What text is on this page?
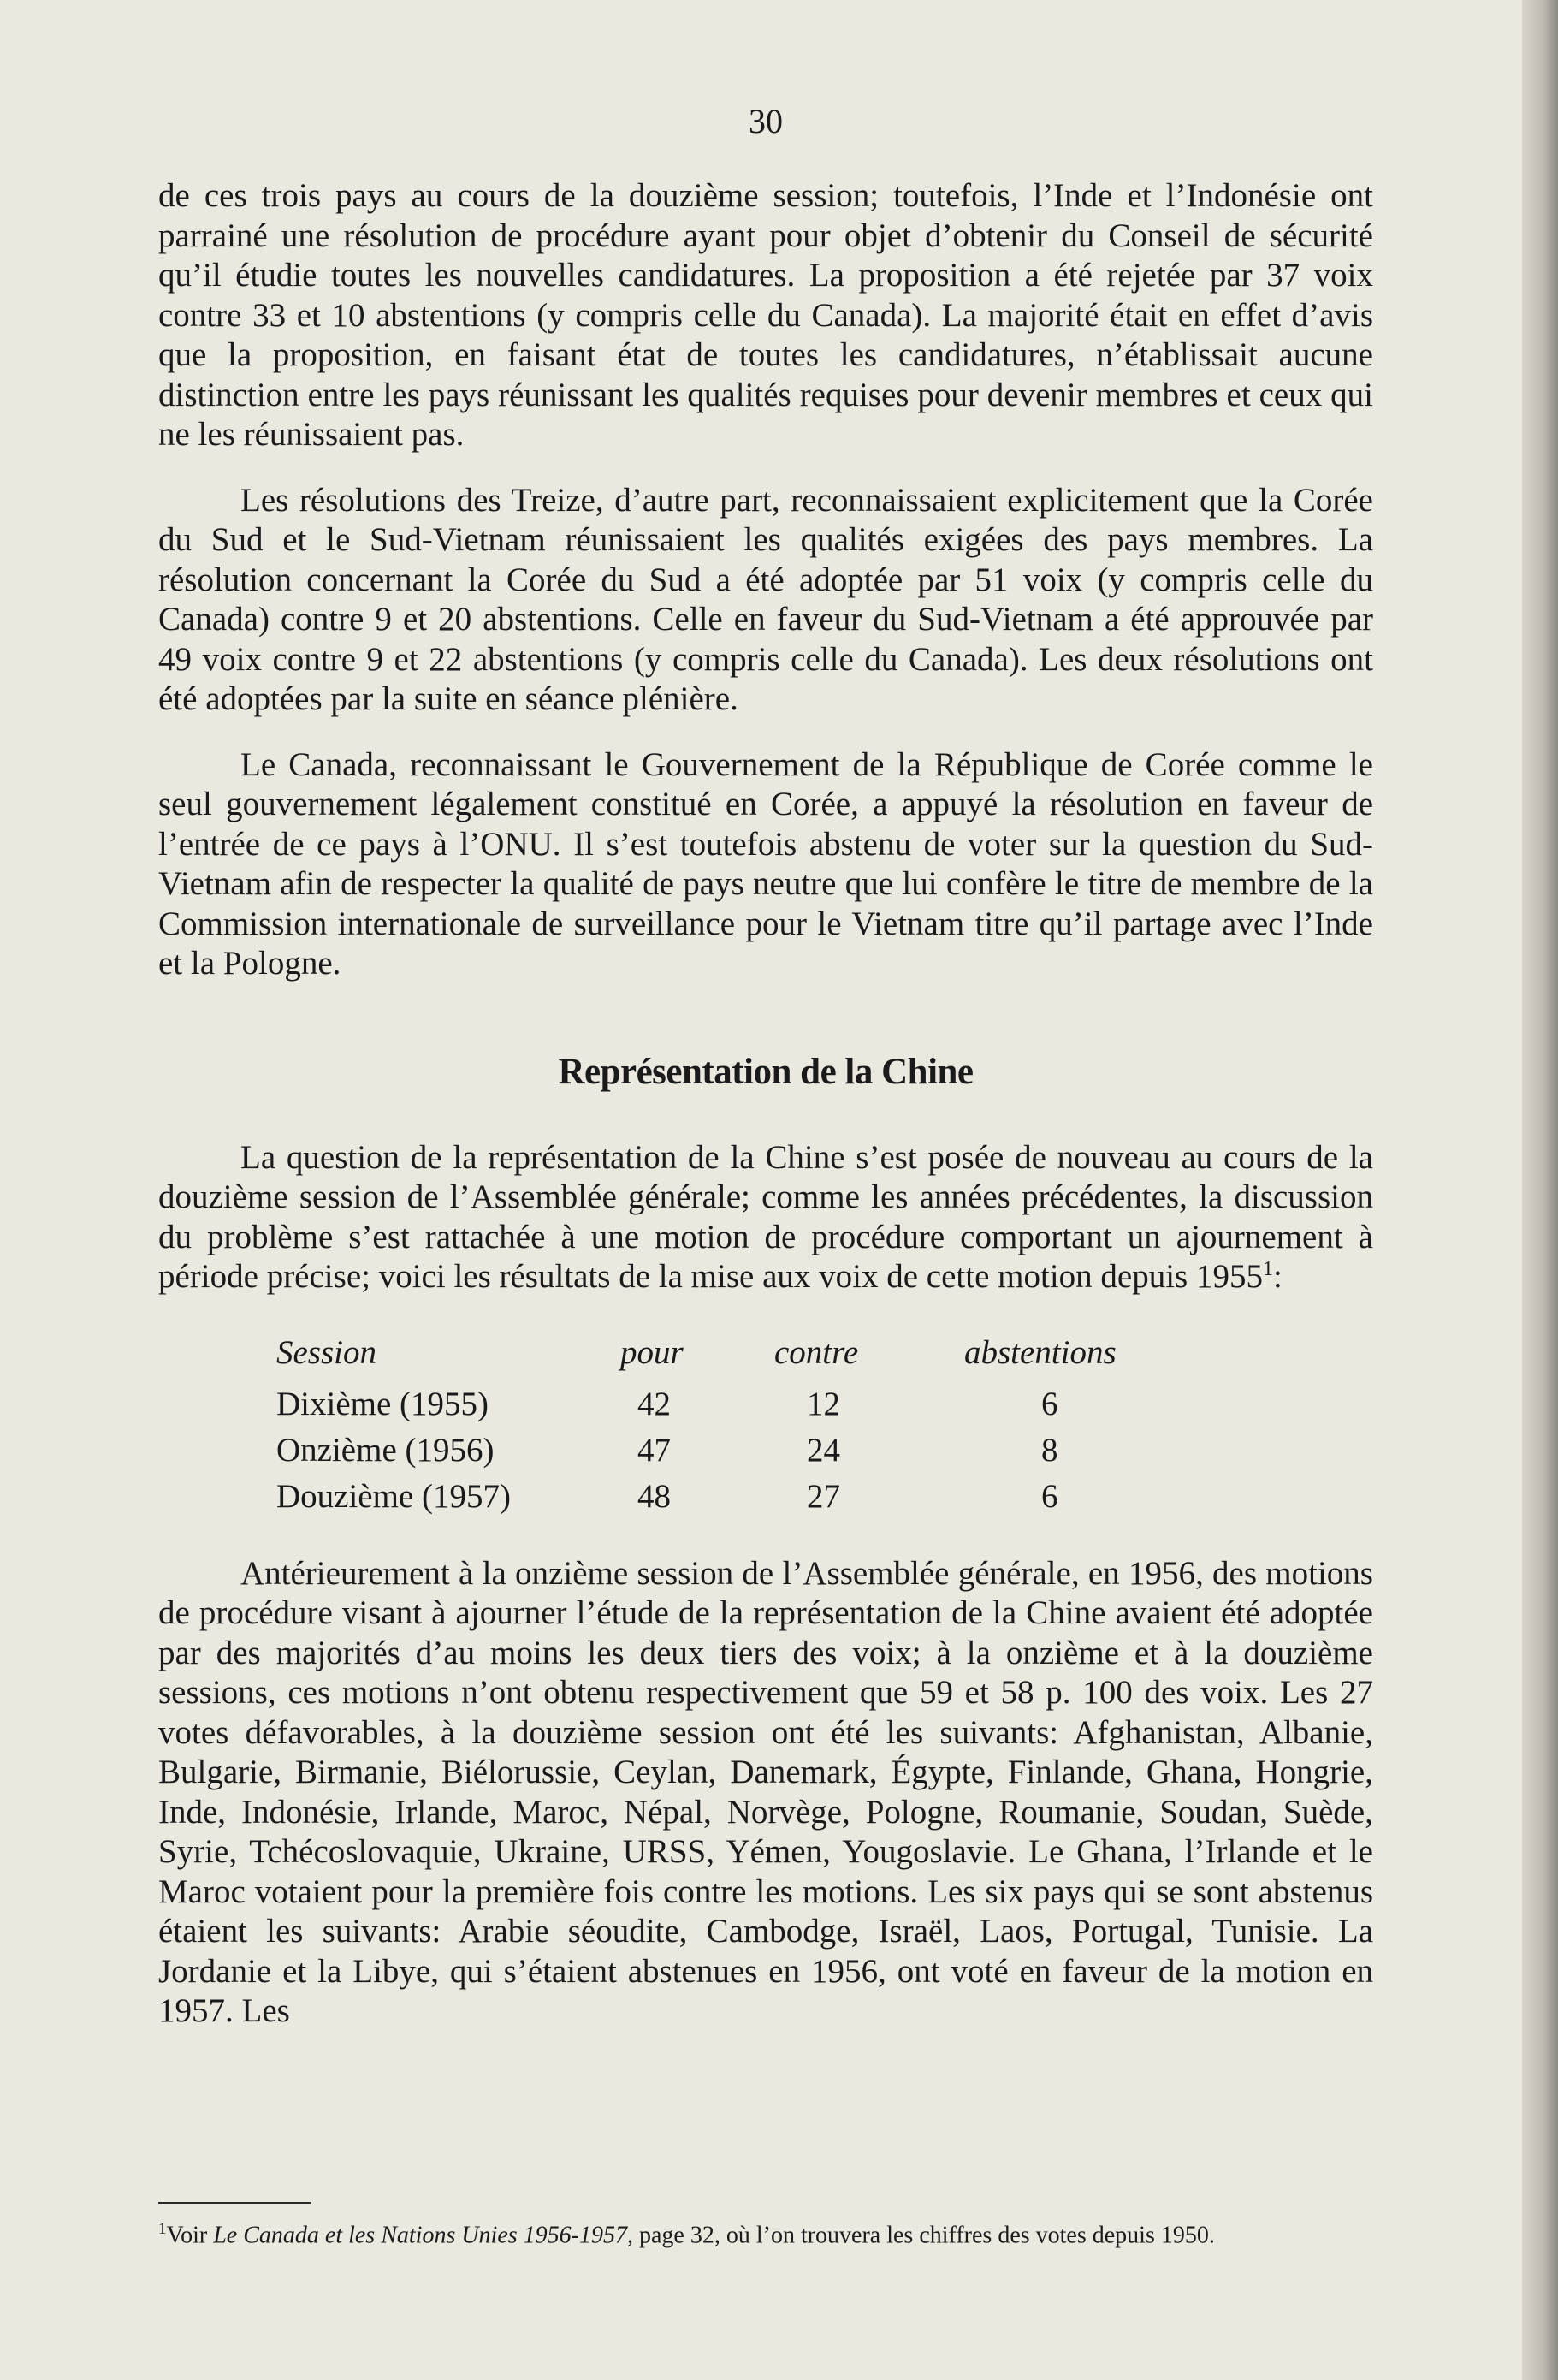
30

de ces trois pays au cours de la douzième session; toutefois, l’Inde et l’Indonésie ont parrainé une résolution de procédure ayant pour objet d’obtenir du Conseil de sécurité qu’il étudie toutes les nouvelles candidatures. La proposition a été rejetée par 37 voix contre 33 et 10 abstentions (y compris celle du Canada). La majorité était en effet d’avis que la proposition, en faisant état de toutes les candidatures, n’établissait aucune distinction entre les pays réunissant les qualités requises pour devenir membres et ceux qui ne les réunissaient pas.

Les résolutions des Treize, d’autre part, reconnaissaient explicitement que la Corée du Sud et le Sud-Vietnam réunissaient les qualités exigées des pays membres. La résolution concernant la Corée du Sud a été adoptée par 51 voix (y compris celle du Canada) contre 9 et 20 abstentions. Celle en faveur du Sud-Vietnam a été approuvée par 49 voix contre 9 et 22 abstentions (y compris celle du Canada). Les deux résolutions ont été adoptées par la suite en séance plénière.

Le Canada, reconnaissant le Gouvernement de la République de Corée comme le seul gouvernement légalement constitué en Corée, a appuyé la résolution en faveur de l’entrée de ce pays à l’ONU. Il s’est toutefois abstenu de voter sur la question du Sud-Vietnam afin de respecter la qualité de pays neutre que lui confère le titre de membre de la Commission internationale de surveillance pour le Vietnam titre qu’il partage avec l’Inde et la Pologne.

Représentation de la Chine

La question de la représentation de la Chine s’est posée de nouveau au cours de la douzième session de l’Assemblée générale; comme les années précédentes, la discussion du problème s’est rattachée à une motion de procédure comportant un ajournement à période précise; voici les résultats de la mise aux voix de cette motion depuis 1955$^1$:

Session	pour	contre	abstentions
Dixième (1955)	42	12	6
Onzième (1956)	47	24	8
Douzième (1957)	48	27	6

Antérieurement à la onzième session de l’Assemblée générale, en 1956, des motions de procédure visant à ajourner l’étude de la représentation de la Chine avaient été adoptée par des majorités d’au moins les deux tiers des voix; à la onzième et à la douzième sessions, ces motions n’ont obtenu respectivement que 59 et 58 p. 100 des voix. Les 27 votes défavorables, à la douzième session ont été les suivants: Afghanistan, Albanie, Bulgarie, Birmanie, Biélorussie, Ceylan, Danemark, Égypte, Finlande, Ghana, Hongrie, Inde, Indonésie, Irlande, Maroc, Népal, Norvège, Pologne, Roumanie, Soudan, Suède, Syrie, Tchécoslovaquie, Ukraine, URSS, Yémen, Yougoslavie. Le Ghana, l’Irlande et le Maroc votaient pour la première fois contre les motions. Les six pays qui se sont abstenus étaient les suivants: Arabie séoudite, Cambodge, Israël, Laos, Portugal, Tunisie. La Jordanie et la Libye, qui s’étaient abstenues en 1956, ont voté en faveur de la motion en 1957. Les

$^1$Voir Le Canada et les Nations Unies 1956-1957, page 32, où l’on trouvera les chiffres des votes depuis 1950.
